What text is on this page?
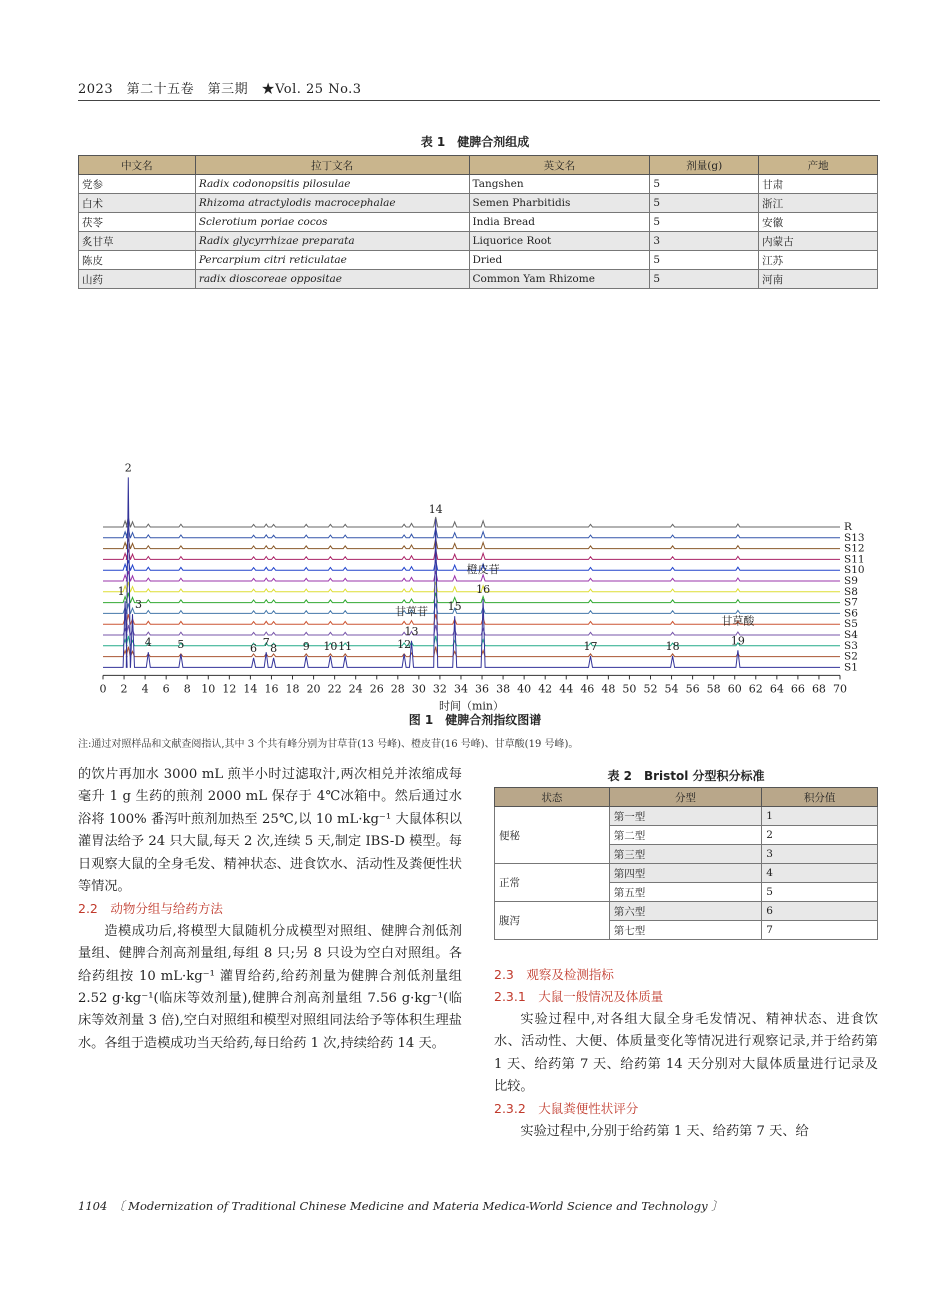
2023　第二十五卷　第三期　★Vol. 25 No.3
表 1　健脾合剂组成
中文名	拉丁文名	英文名	剂量(g)	产地
党参	Radix codonopsitis pilosulae	Tangshen	5	甘肃
白术	Rhizoma atractylodis macrocephalae	Semen Pharbitidis	5	浙江
茯苓	Sclerotium poriae cocos	India Bread	5	安徽
炙甘草	Radix glycyrrhizae preparata	Liquorice Root	3	内蒙古
陈皮	Percarpium citri reticulatae	Dried	5	江苏
山药	radix dioscoreae oppositae	Common Yam Rhizome	5	河南
R
S13
S12
S11
S10
S9
S8
S7
S6
S5
S4
S3
S2
S1
0 2 4 6 8 10 12 14 16 18 20 22 24 26 28 30 32 34 36 38 40 42 44 46 48 50 52 54 56 58 60 62 64 66 68 70
时间（min）
1
2
3
4 5	6 7 8 9 10 11	12
13
14
15
16
17	18	19
甘草苷
橙皮苷
甘草酸
图 1　健脾合剂指纹图谱
注:通过对照样品和文献查阅指认,其中 3 个共有峰分别为甘草苷(13 号峰)、橙皮苷(16 号峰)、甘草酸(19 号峰)。

的饮片再加水 3000 mL 煎半小时过滤取汁,两次相兑并浓缩成每毫升 1 g 生药的煎剂 2000 mL 保存于 4℃冰箱中。然后通过水浴将 100% 番泻叶煎剂加热至 25℃,以 10 mL·kg⁻¹ 大鼠体积以灌胃法给予 24 只大鼠,每天 2 次,连续 5 天,制定 IBS-D 模型。每日观察大鼠的全身毛发、精神状态、进食饮水、活动性及粪便性状等情况。

2.2　动物分组与给药方法

造模成功后,将模型大鼠随机分成模型对照组、健脾合剂低剂量组、健脾合剂高剂量组,每组 8 只;另 8 只设为空白对照组。各给药组按 10 mL·kg⁻¹ 灌胃给药,给药剂量为健脾合剂低剂量组 2.52 g·kg⁻¹(临床等效剂量),健脾合剂高剂量组 7.56 g·kg⁻¹(临床等效剂量 3 倍),空白对照组和模型对照组同法给予等体积生理盐水。各组于造模成功当天给药,每日给药 1 次,持续给药 14 天。

表 2　Bristol 分型积分标准
状态	分型	积分值
便秘	第一型	1
	第二型	2
	第三型	3
正常	第四型	4
	第五型	5
腹泻	第六型	6
	第七型	7

2.3　观察及检测指标

2.3.1　大鼠一般情况及体质量

实验过程中,对各组大鼠全身毛发情况、精神状态、进食饮水、活动性、大便、体质量变化等情况进行观察记录,并于给药第 1 天、给药第 7 天、给药第 14 天分别对大鼠体质量进行记录及比较。

2.3.2　大鼠粪便性状评分

实验过程中,分别于给药第 1 天、给药第 7 天、给

1104　〔 Modernization of Traditional Chinese Medicine and Materia Medica-World Science and Technology 〕
